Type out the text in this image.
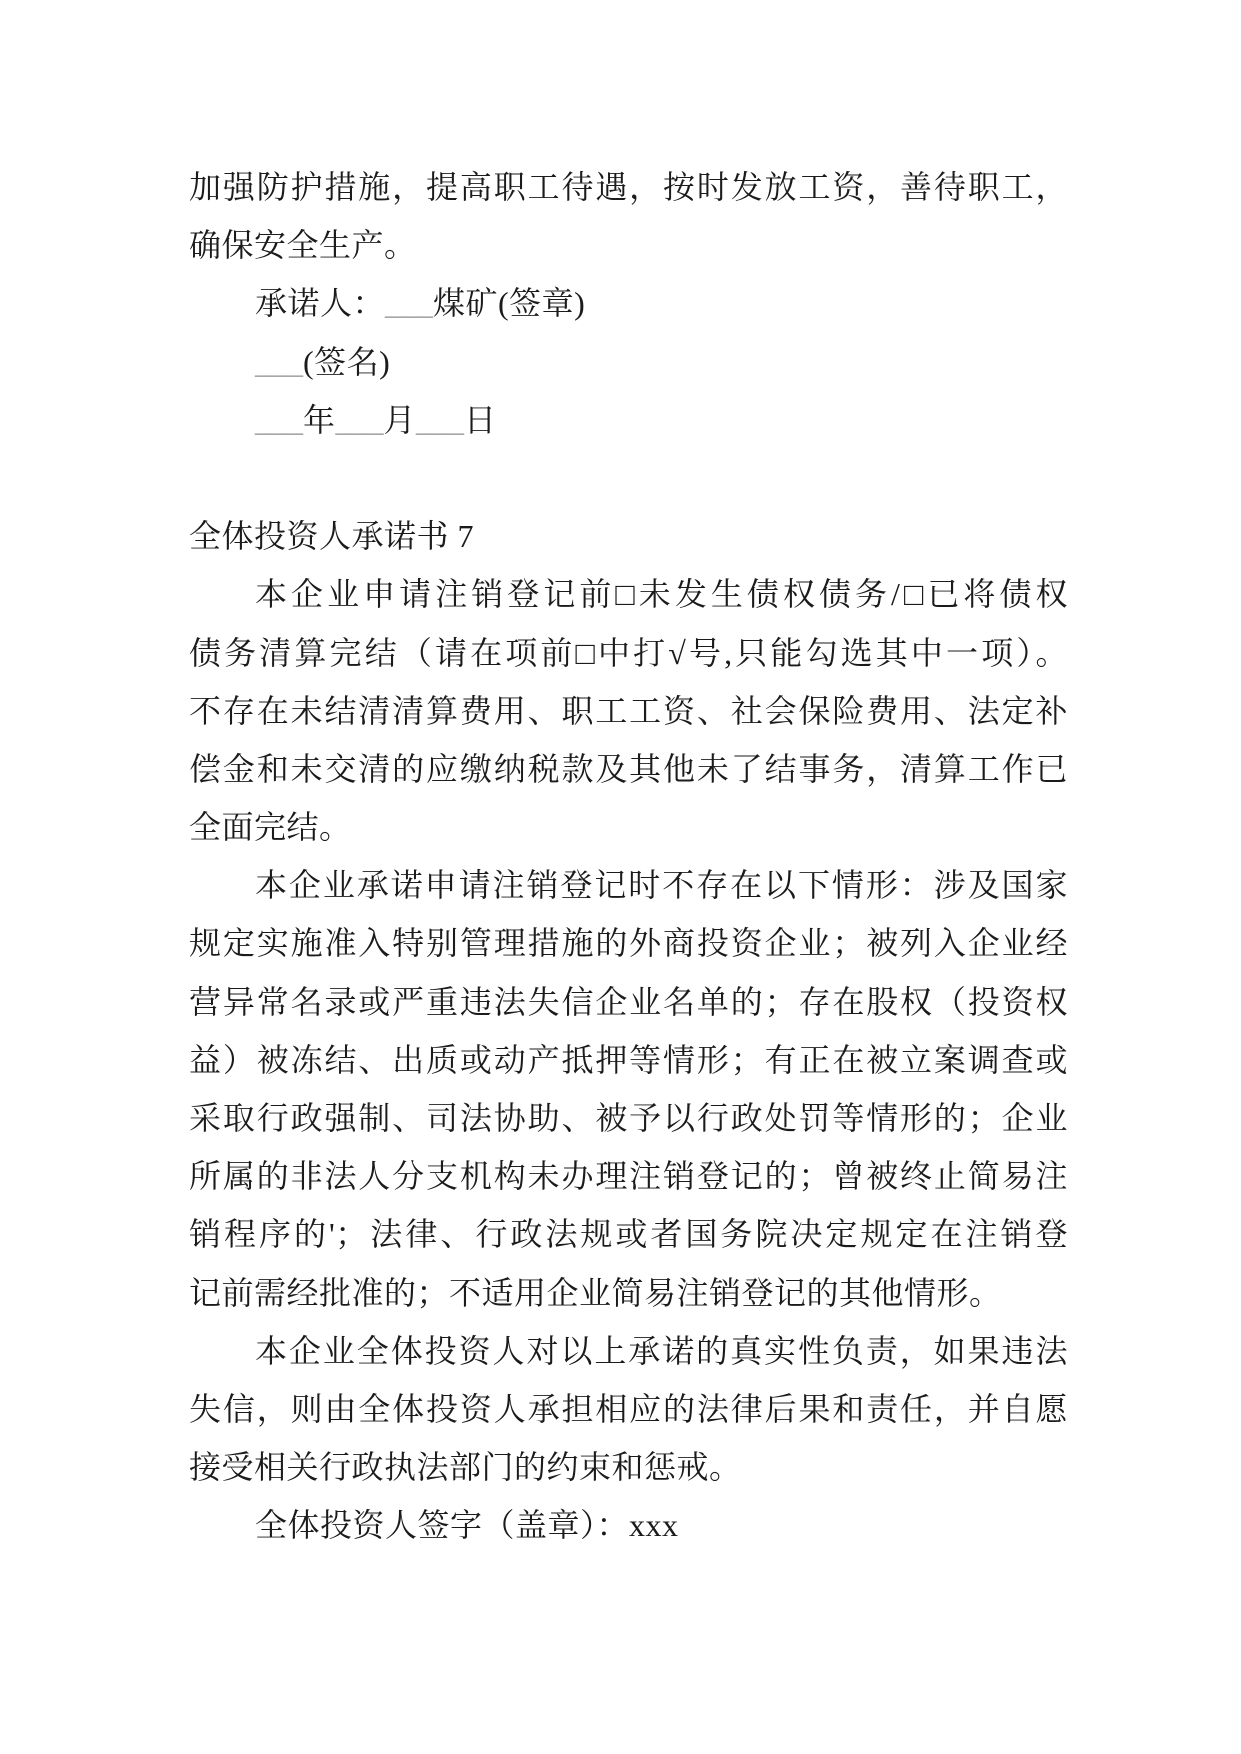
加强防护措施，提高职工待遇，按时发放工资，善待职工，
确保安全生产。
承诺人：___煤矿(签章)
___(签名)
___年___月___日
全体投资人承诺书 7
本企业申请注销登记前□未发生债权债务/□已将债权
债务清算完结（请在项前□中打√号,只能勾选其中一项）。
不存在未结清清算费用、职工工资、社会保险费用、法定补
偿金和未交清的应缴纳税款及其他未了结事务，清算工作已
全面完结。
本企业承诺申请注销登记时不存在以下情形：涉及国家
规定实施准入特别管理措施的外商投资企业；被列入企业经
营异常名录或严重违法失信企业名单的；存在股权（投资权
益）被冻结、出质或动产抵押等情形；有正在被立案调查或
采取行政强制、司法协助、被予以行政处罚等情形的；企业
所属的非法人分支机构未办理注销登记的；曾被终止简易注
销程序的'；法律、行政法规或者国务院决定规定在注销登
记前需经批准的；不适用企业简易注销登记的其他情形。
本企业全体投资人对以上承诺的真实性负责，如果违法
失信，则由全体投资人承担相应的法律后果和责任，并自愿
接受相关行政执法部门的约束和惩戒。
全体投资人签字（盖章）：xxx
